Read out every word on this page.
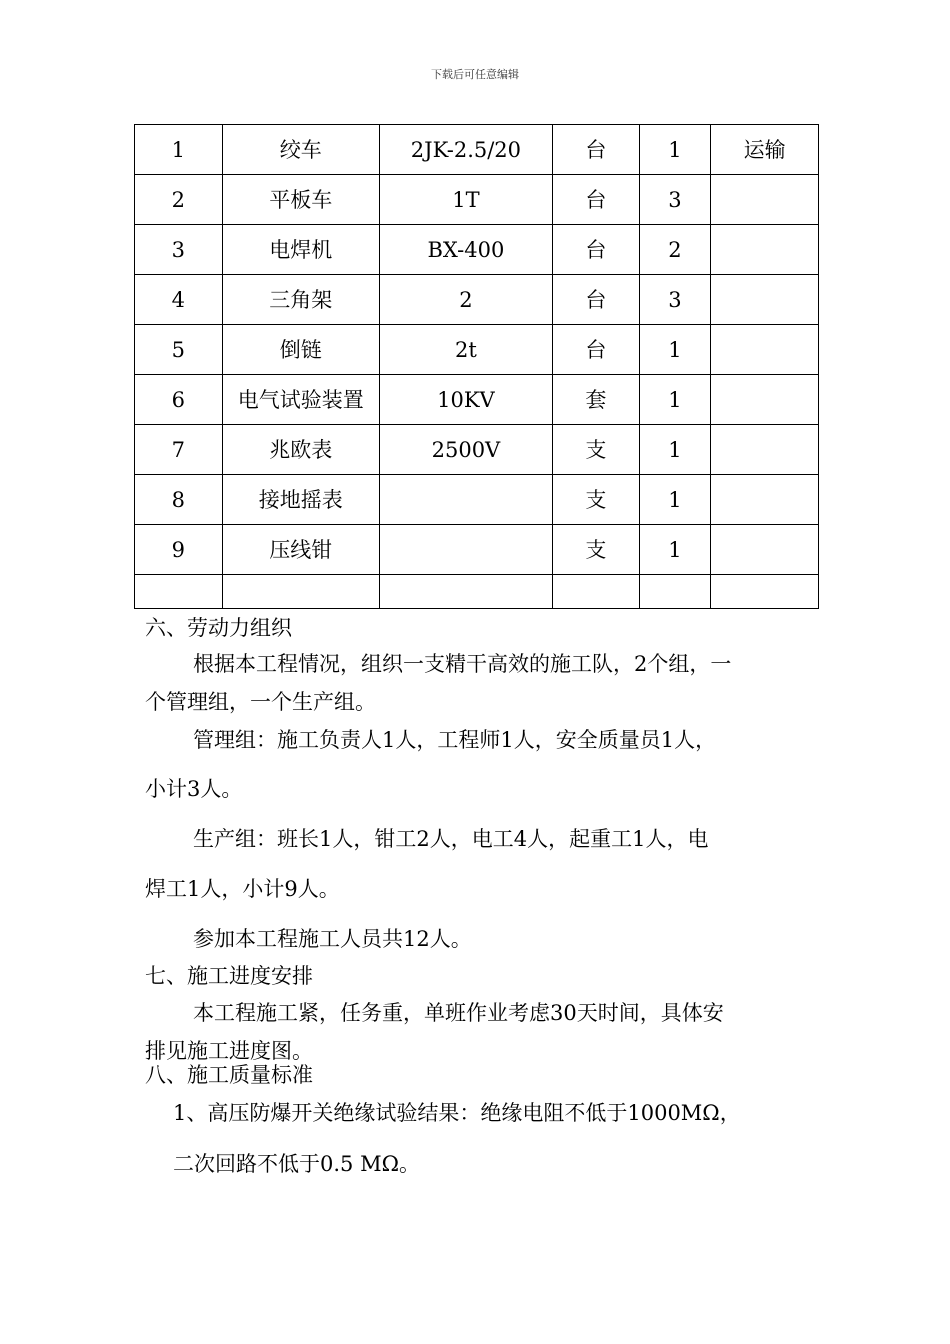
下载后可任意编辑
1	绞车	2JK-2.5/20	台	1	运输
2	平板车	1T	台	3	
3	电焊机	BX-400	台	2	
4	三角架	2	台	3	
5	倒链	2t	台	1	
6	电气试验装置	10KV	套	1	
7	兆欧表	2500V	支	1	
8	接地摇表		支	1	
9	压线钳		支	1	

六、劳动力组织
根据本工程情况，组织一支精干高效的施工队，2个组，一
个管理组，一个生产组。
管理组：施工负责人1人，工程师1人，安全质量员1人，
小计3人。
生产组：班长1人，钳工2人，电工4人，起重工1人，电
焊工1人，小计9人。
参加本工程施工人员共12人。
七、施工进度安排
本工程施工紧，任务重，单班作业考虑30天时间，具体安
排见施工进度图。
八、施工质量标准
1、高压防爆开关绝缘试验结果：绝缘电阻不低于1000MΩ，
二次回路不低于0.5 MΩ。
